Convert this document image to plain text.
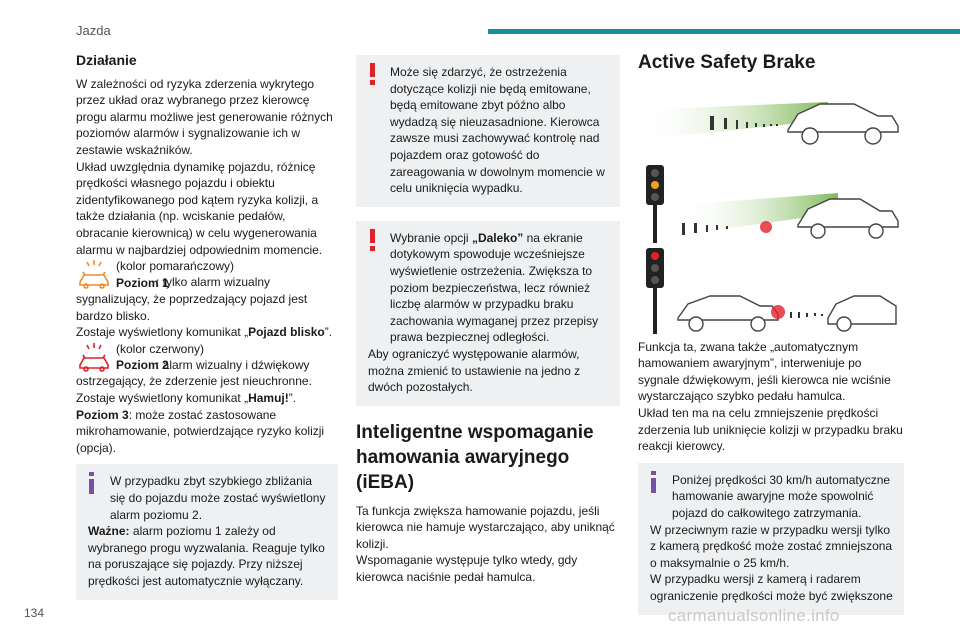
Jazda
Działanie

W zależności od ryzyka zderzenia wykrytego przez układ oraz wybranego przez kierowcę progu alarmu możliwe jest generowanie różnych poziomów alarmów i sygnalizowanie ich w zestawie wskaźników.

Układ uwzględnia dynamikę pojazdu, różnicę prędkości własnego pojazdu i obiektu zidentyfikowanego pod kątem ryzyka kolizji, a także działania (np. wciskanie pedałów, obracanie kierownicą) w celu wygenerowania alarmu w najbardziej odpowiednim momencie.

(kolor pomarańczowy)

Poziom 1

: tylko alarm wizualny sygnalizujący, że poprzedzający pojazd jest bardzo blisko.

Zostaje wyświetlony komunikat „Pojazd blisko”.

(kolor czerwony)

Poziom 2

: alarm wizualny i dźwiękowy ostrzegający, że zderzenie jest nieuchronne.

Zostaje wyświetlony komunikat „Hamuj!”.

Poziom 3: może zostać zastosowane mikrohamowanie, potwierdzające ryzyko kolizji (opcja).

W przypadku zbyt szybkiego zbliżania się do pojazdu może zostać wyświetlony alarm poziomu 2.

Ważne: alarm poziomu 1 zależy od wybranego progu wyzwalania. Reaguje tylko na poruszające się pojazdy. Przy niższej prędkości jest automatycznie wyłączany.

Może się zdarzyć, że ostrzeżenia dotyczące kolizji nie będą emitowane, będą emitowane zbyt późno albo wydadzą się nieuzasadnione. Kierowca zawsze musi zachowywać kontrolę nad pojazdem oraz gotowość do zareagowania w dowolnym momencie w celu uniknięcia wypadku.

Wybranie opcji „Daleko” na ekranie dotykowym spowoduje wcześniejsze wyświetlenie ostrzeżenia. Zwiększa to poziom bezpieczeństwa, lecz również liczbę alarmów w przypadku braku zachowania wymaganej przez przepisy prawa bezpiecznej odległości.

Aby ograniczyć występowanie alarmów, można zmienić to ustawienie na jedno z dwóch pozostałych.

Inteligentne wspomaganie hamowania awaryjnego (iEBA)

Ta funkcja zwiększa hamowanie pojazdu, jeśli kierowca nie hamuje wystarczająco, aby uniknąć kolizji.

Wspomaganie występuje tylko wtedy, gdy kierowca naciśnie pedał hamulca.

Active Safety Brake

Funkcja ta, zwana także „automatycznym hamowaniem awaryjnym”, interweniuje po sygnale dźwiękowym, jeśli kierowca nie wciśnie wystarczająco szybko pedału hamulca.

Układ ten ma na celu zmniejszenie prędkości zderzenia lub uniknięcie kolizji w przypadku braku reakcji kierowcy.

Poniżej prędkości 30 km/h automatyczne hamowanie awaryjne może spowolnić pojazd do całkowitego zatrzymania.

W przeciwnym razie w przypadku wersji tylko z kamerą prędkość może zostać zmniejszona o maksymalnie o 25 km/h.

W przypadku wersji z kamerą i radarem ograniczenie prędkości może być zwiększone

134	carmanualsonline.info
